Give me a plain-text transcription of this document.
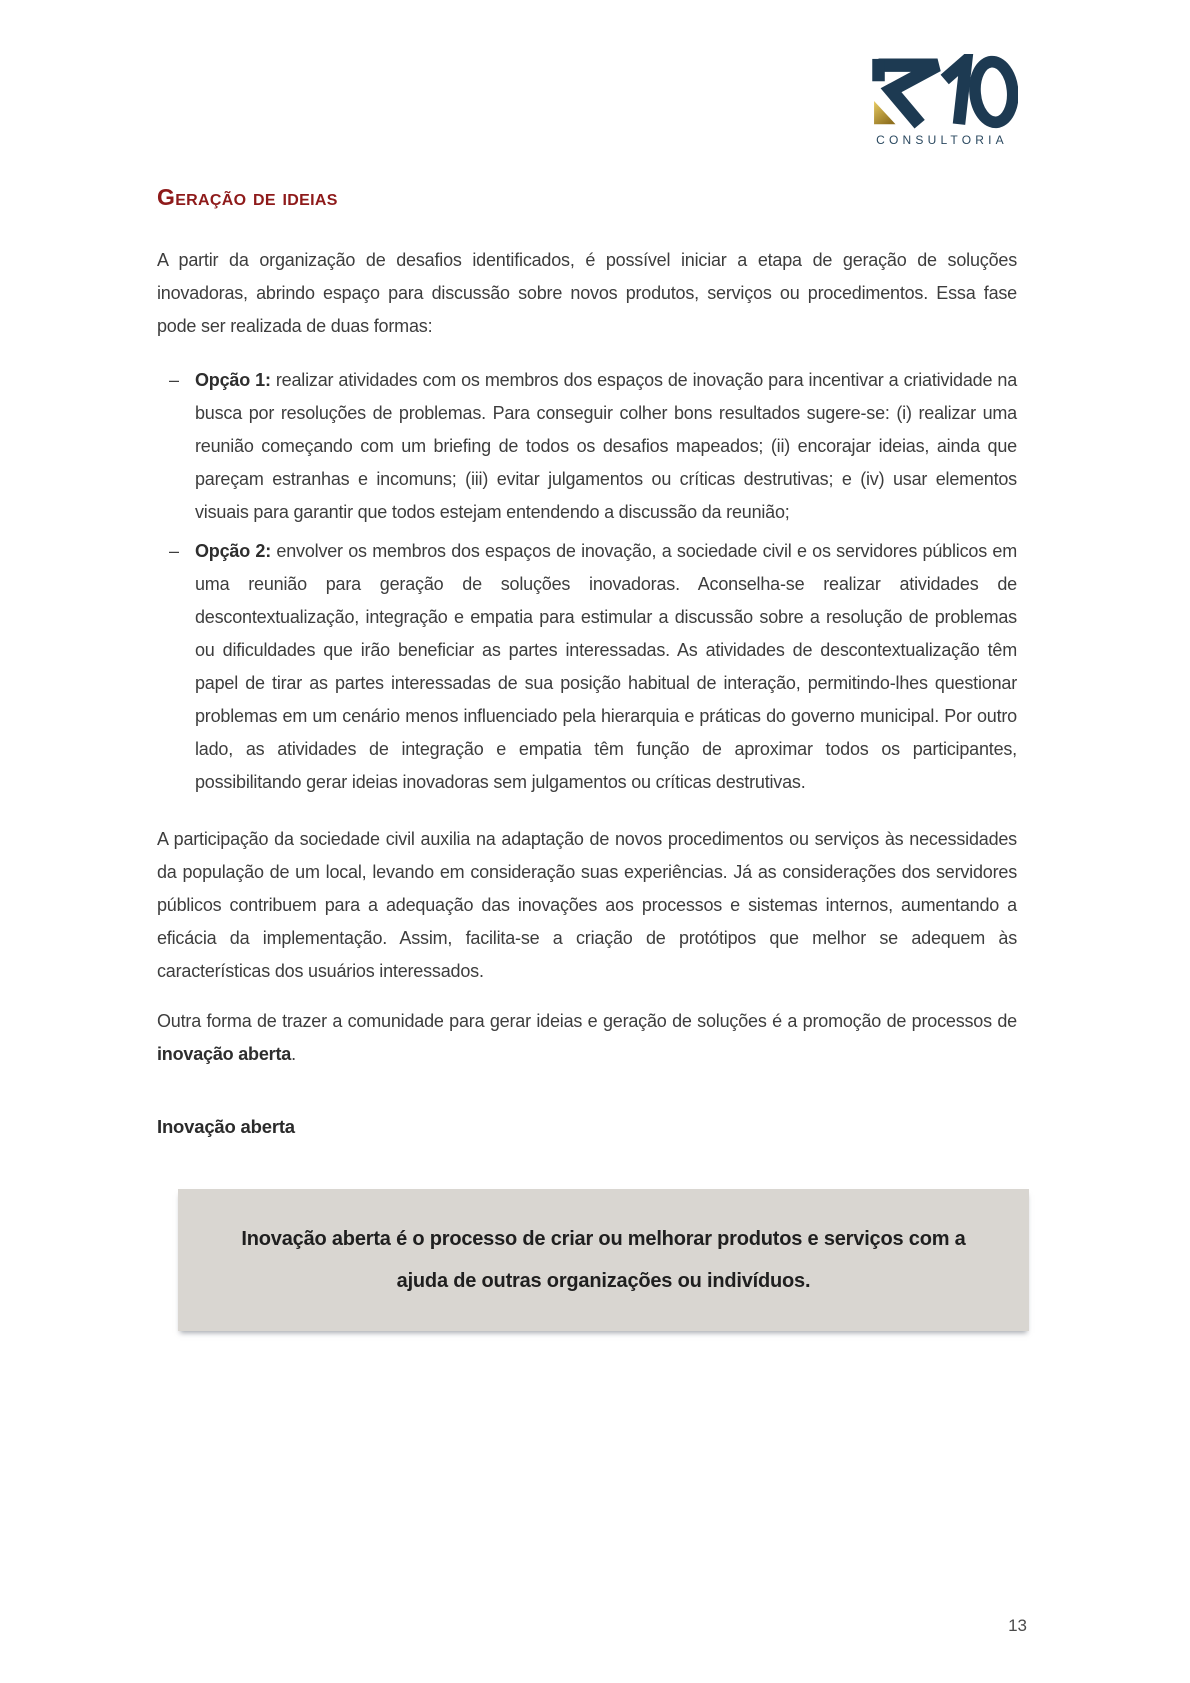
CONSULTORIA
Geração de ideias

A partir da organização de desafios identificados, é possível iniciar a etapa de geração de soluções inovadoras, abrindo espaço para discussão sobre novos produtos, serviços ou procedimentos. Essa fase pode ser realizada de duas formas:

– Opção 1: realizar atividades com os membros dos espaços de inovação para incentivar a criatividade na busca por resoluções de problemas. Para conseguir colher bons resultados sugere-se: (i) realizar uma reunião começando com um briefing de todos os desafios mapeados; (ii) encorajar ideias, ainda que pareçam estranhas e incomuns; (iii) evitar julgamentos ou críticas destrutivas; e (iv) usar elementos visuais para garantir que todos estejam entendendo a discussão da reunião;
– Opção 2: envolver os membros dos espaços de inovação, a sociedade civil e os servidores públicos em uma reunião para geração de soluções inovadoras. Aconselha-se realizar atividades de descontextualização, integração e empatia para estimular a discussão sobre a resolução de problemas ou dificuldades que irão beneficiar as partes interessadas. As atividades de descontextualização têm papel de tirar as partes interessadas de sua posição habitual de interação, permitindo-lhes questionar problemas em um cenário menos influenciado pela hierarquia e práticas do governo municipal. Por outro lado, as atividades de integração e empatia têm função de aproximar todos os participantes, possibilitando gerar ideias inovadoras sem julgamentos ou críticas destrutivas.

A participação da sociedade civil auxilia na adaptação de novos procedimentos ou serviços às necessidades da população de um local, levando em consideração suas experiências. Já as considerações dos servidores públicos contribuem para a adequação das inovações aos processos e sistemas internos, aumentando a eficácia da implementação. Assim, facilita-se a criação de protótipos que melhor se adequem às características dos usuários interessados.

Outra forma de trazer a comunidade para gerar ideias e geração de soluções é a promoção de processos de inovação aberta.

Inovação aberta
Inovação aberta é o processo de criar ou melhorar produtos e serviços com a
ajuda de outras organizações ou indivíduos.
13
